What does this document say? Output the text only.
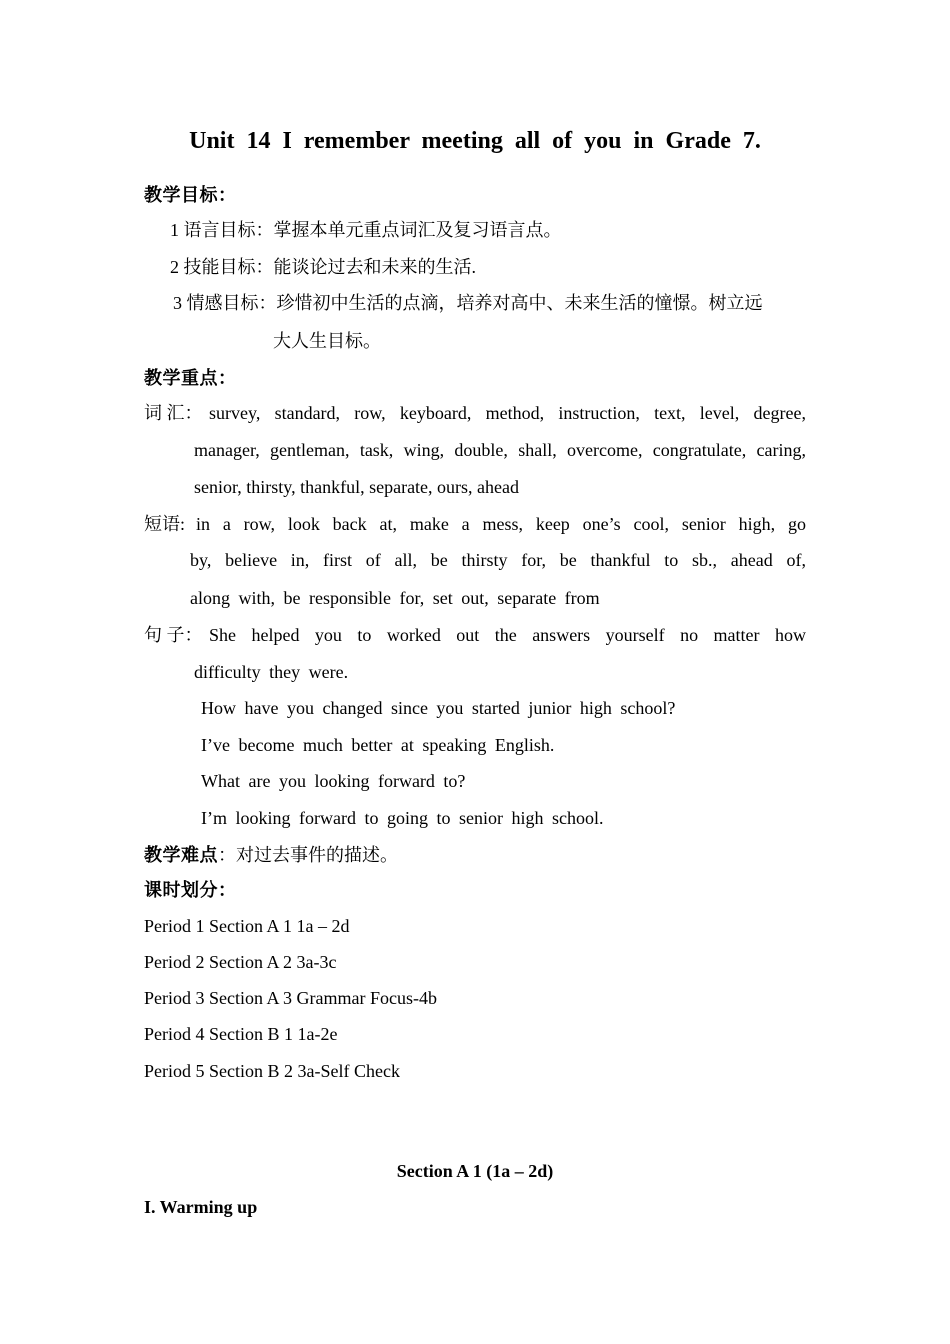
Unit 14 I remember meeting all of you in Grade 7.
教学目标：
1 语言目标：掌握本单元重点词汇及复习语言点。
2 技能目标：能谈论过去和未来的生活.
3 情感目标：珍惜初中生活的点滴，培养对高中、未来生活的憧憬。树立远
大人生目标。
教学重点：
词 汇： survey, standard, row, keyboard, method, instruction, text, level, degree,
manager, gentleman, task, wing, double, shall, overcome, congratulate, caring,
senior, thirsty, thankful, separate, ours, ahead
短语: in a row, look back at, make a mess, keep one’s cool, senior high, go
by, believe in, first of all, be thirsty for, be thankful to sb., ahead of,
along with, be responsible for, set out, separate from
句 子： She helped you to worked out the answers yourself no matter how
difficulty they were.
How have you changed since you started junior high school?
I’ve become much better at speaking English.
What are you looking forward to?
I’m looking forward to going to senior high school.
教学难点：对过去事件的描述。
课时划分：
Period 1 Section A 1 1a – 2d
Period 2 Section A 2 3a-3c
Period 3 Section A 3 Grammar Focus-4b
Period 4 Section B 1 1a-2e
Period 5 Section B 2 3a-Self Check
Section A 1 (1a – 2d)
I. Warming up
